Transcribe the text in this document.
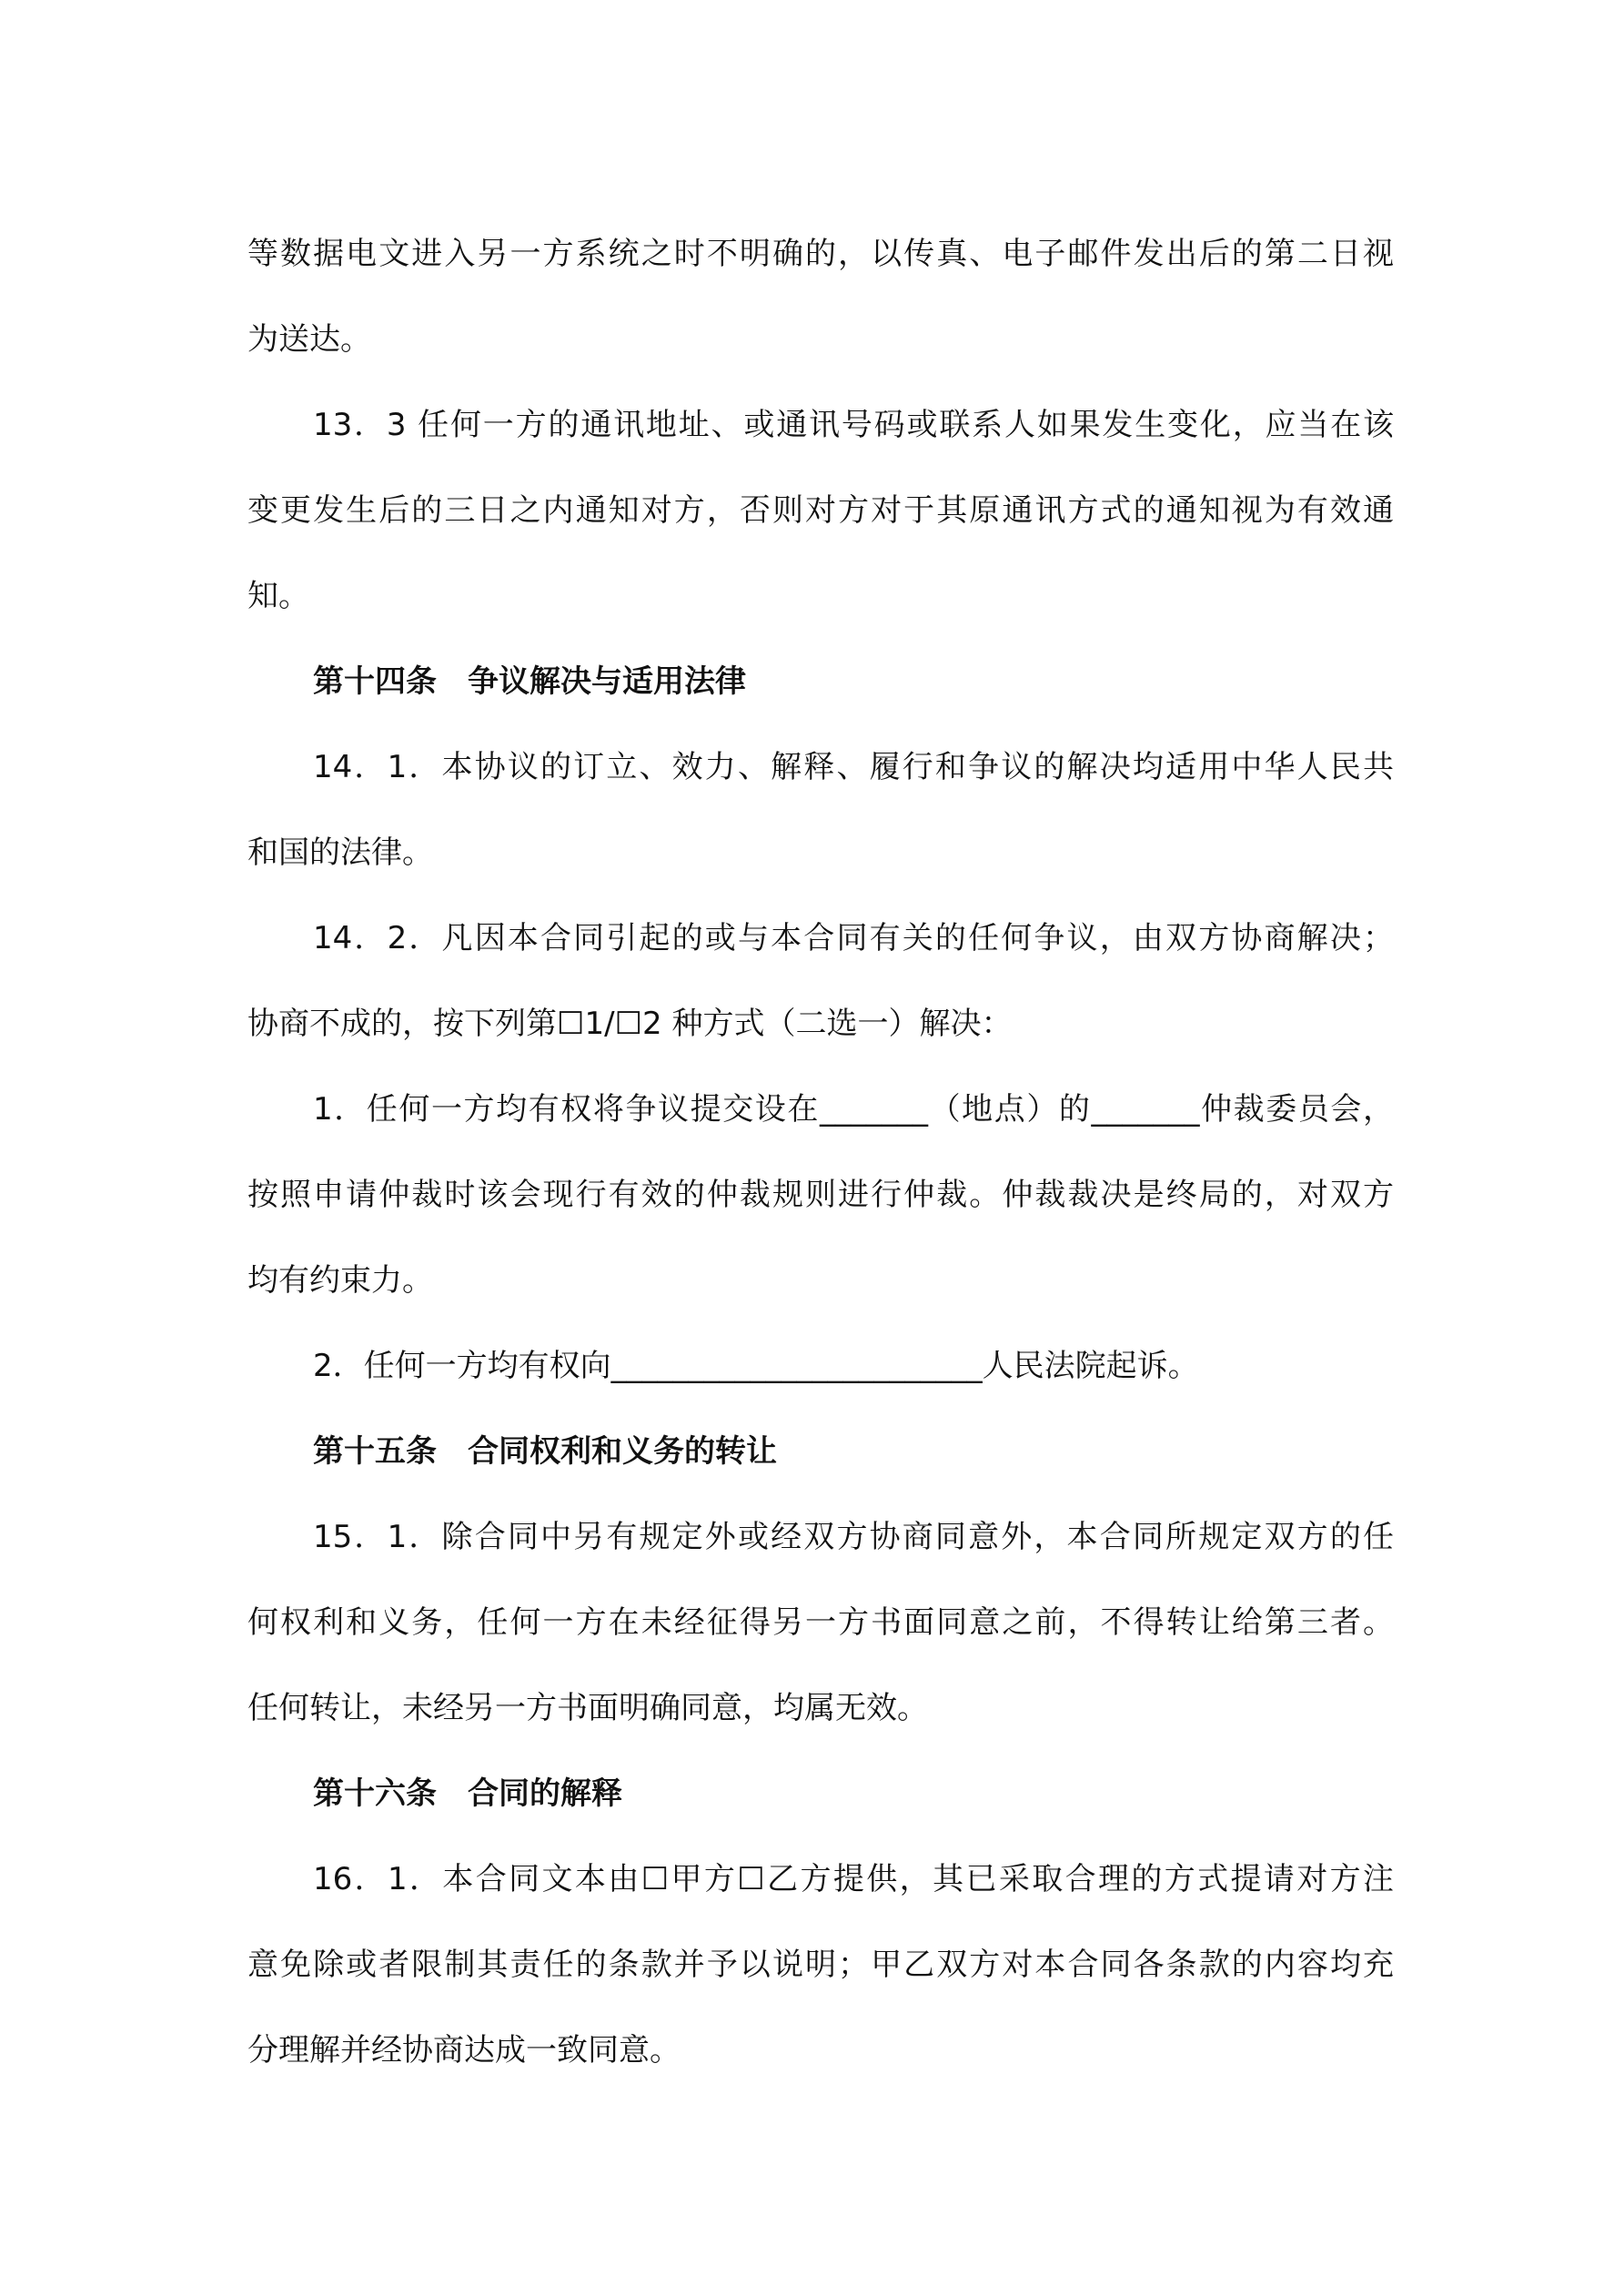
等数据电文进入另一方系统之时不明确的，以传真、电子邮件发出后的第二日视
为送达。
13．3 任何一方的通讯地址、或通讯号码或联系人如果发生变化，应当在该
变更发生后的三日之内通知对方，否则对方对于其原通讯方式的通知视为有效通
知。
第十四条　争议解决与适用法律
14．1．本协议的订立、效力、解释、履行和争议的解决均适用中华人民共
和国的法律。
14．2．凡因本合同引起的或与本合同有关的任何争议，由双方协商解决；
协商不成的，按下列第☐1/☐2 种方式（二选一）解决：
1．任何一方均有权将争议提交设在_______（地点）的_______仲裁委员会，
按照申请仲裁时该会现行有效的仲裁规则进行仲裁。仲裁裁决是终局的，对双方
均有约束力。
2．任何一方均有权向________________________人民法院起诉。
第十五条　合同权利和义务的转让
15．1．除合同中另有规定外或经双方协商同意外，本合同所规定双方的任
何权利和义务，任何一方在未经征得另一方书面同意之前，不得转让给第三者。
任何转让，未经另一方书面明确同意，均属无效。
第十六条　合同的解释
16．1．本合同文本由☐甲方☐乙方提供，其已采取合理的方式提请对方注
意免除或者限制其责任的条款并予以说明；甲乙双方对本合同各条款的内容均充
分理解并经协商达成一致同意。
